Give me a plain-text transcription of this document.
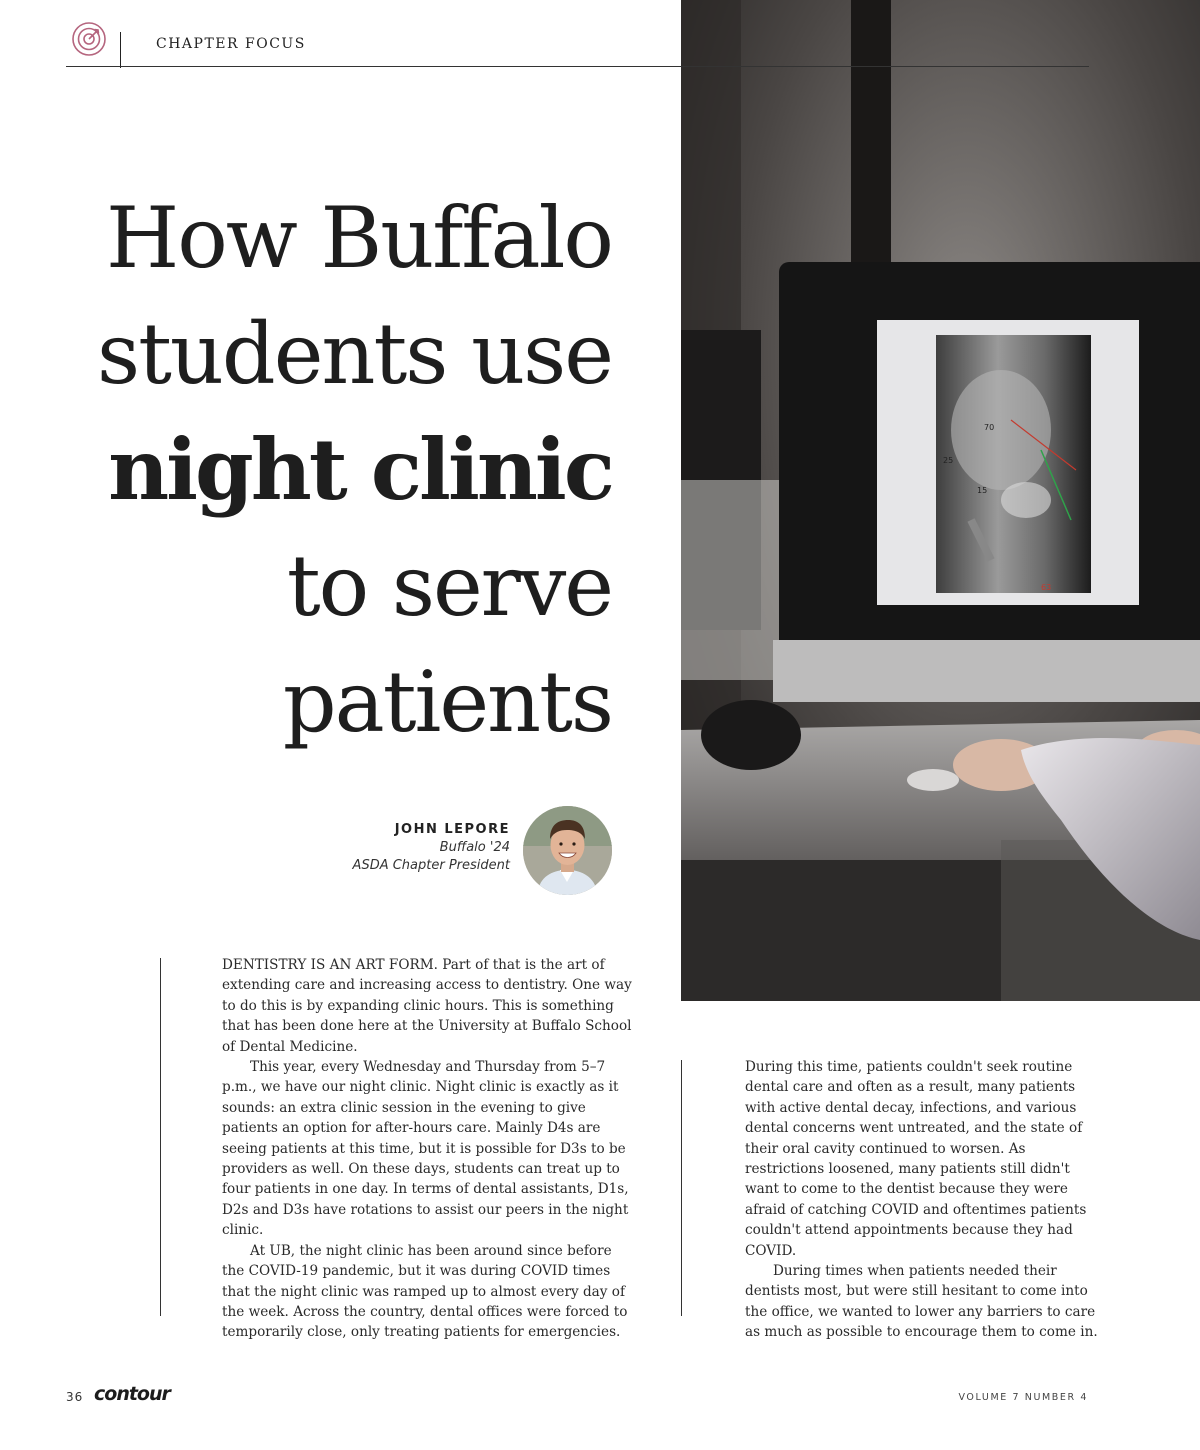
CHAPTER FOCUS
25
15
70
63
How Buffalo
students use
night clinic
to serve
patients
JOHN LEPORE
Buffalo '24
ASDA Chapter President

DENTISTRY IS AN ART FORM. Part of that is the art of extending care and increasing access to dentistry. One way to do this is by expanding clinic hours. This is something that has been done here at the University at Buffalo School of Dental Medicine.

This year, every Wednesday and Thursday from 5–7 p.m., we have our night clinic. Night clinic is exactly as it sounds: an extra clinic session in the evening to give patients an option for after-hours care. Mainly D4s are seeing patients at this time, but it is possible for D3s to be providers as well. On these days, students can treat up to four patients in one day. In terms of dental assistants, D1s, D2s and D3s have rotations to assist our peers in the night clinic.

At UB, the night clinic has been around since before the COVID-19 pandemic, but it was during COVID times that the night clinic was ramped up to almost every day of the week. Across the country, dental offices were forced to temporarily close, only treating patients for emergencies.

During this time, patients couldn't seek routine dental care and often as a result, many patients with active dental decay, infections, and various dental concerns went untreated, and the state of their oral cavity continued to worsen. As restrictions loosened, many patients still didn't want to come to the dentist because they were afraid of catching COVID and oftentimes patients couldn't attend appointments because they had COVID.

During times when patients needed their dentists most, but were still hesitant to come into the office, we wanted to lower any barriers to care as much as possible to encourage them to come in.

36 contour	VOLUME 7 NUMBER 4
